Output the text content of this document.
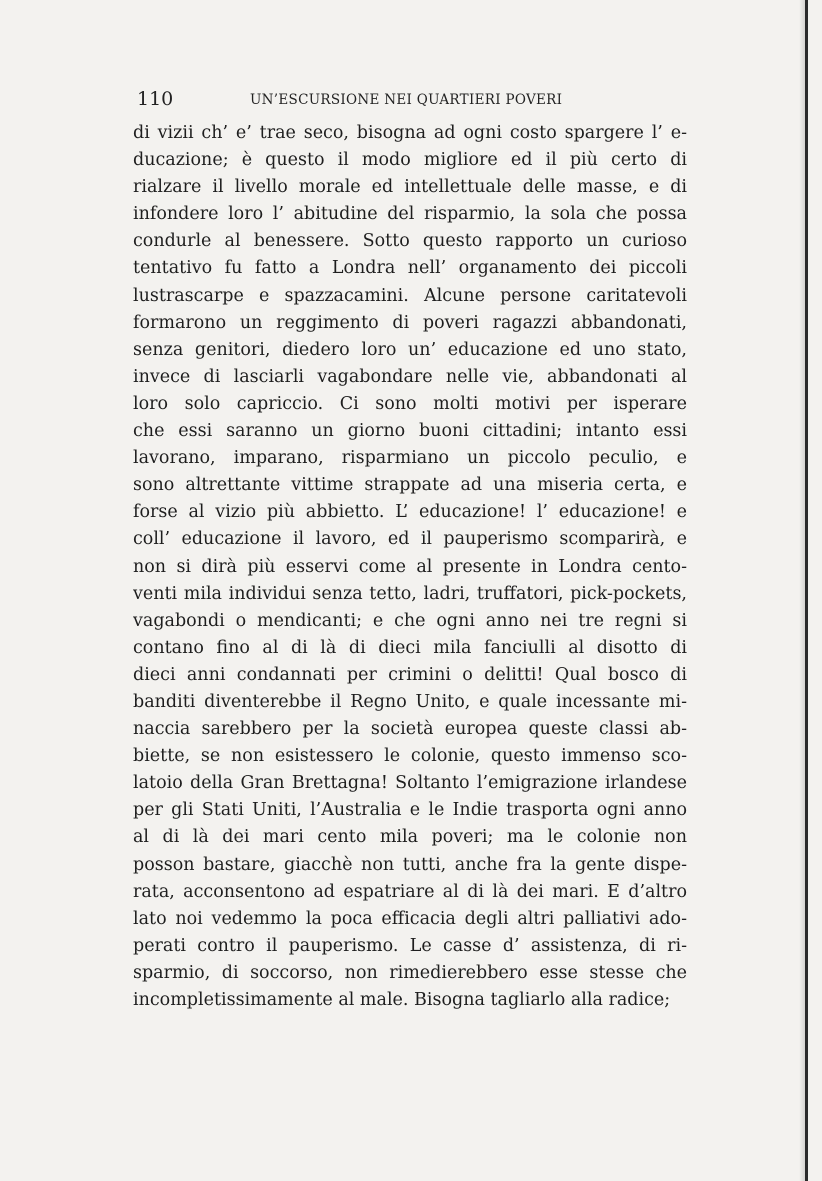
110	UN’ESCURSIONE NEI QUARTIERI POVERI
di vizii ch’ e’ trae seco, bisogna ad ogni costo spargere l’ e-
ducazione; è questo il modo migliore ed il più certo di
rialzare il livello morale ed intellettuale delle masse, e di
infondere loro l’ abitudine del risparmio, la sola che possa
condurle al benessere. Sotto questo rapporto un curioso
tentativo fu fatto a Londra nell’ organamento dei piccoli
lustrascarpe e spazzacamini. Alcune persone caritatevoli
formarono un reggimento di poveri ragazzi abbandonati,
senza genitori, diedero loro un’ educazione ed uno stato,
invece di lasciarli vagabondare nelle vie, abbandonati al
loro solo capriccio. Ci sono molti motivi per isperare
che essi saranno un giorno buoni cittadini; intanto essi
lavorano, imparano, risparmiano un piccolo peculio, e
sono altrettante vittime strappate ad una miseria certa, e
forse al vizio più abbietto. L’ educazione! l’ educazione! e
coll’ educazione il lavoro, ed il pauperismo scomparirà, e
non si dirà più esservi come al presente in Londra cento-
venti mila individui senza tetto, ladri, truffatori, pick-pockets,
vagabondi o mendicanti; e che ogni anno nei tre regni si
contano fino al di là di dieci mila fanciulli al disotto di
dieci anni condannati per crimini o delitti! Qual bosco di
banditi diventerebbe il Regno Unito, e quale incessante mi-
naccia sarebbero per la società europea queste classi ab-
biette, se non esistessero le colonie, questo immenso sco-
latoio della Gran Brettagna! Soltanto l’emigrazione irlandese
per gli Stati Uniti, l’Australia e le Indie trasporta ogni anno
al di là dei mari cento mila poveri; ma le colonie non
posson bastare, giacchè non tutti, anche fra la gente dispe-
rata, acconsentono ad espatriare al di là dei mari. E d’altro
lato noi vedemmo la poca efficacia degli altri palliativi ado-
perati contro il pauperismo. Le casse d’ assistenza, di ri-
sparmio, di soccorso, non rimedierebbero esse stesse che
incompletissimamente al male. Bisogna tagliarlo alla radice;
